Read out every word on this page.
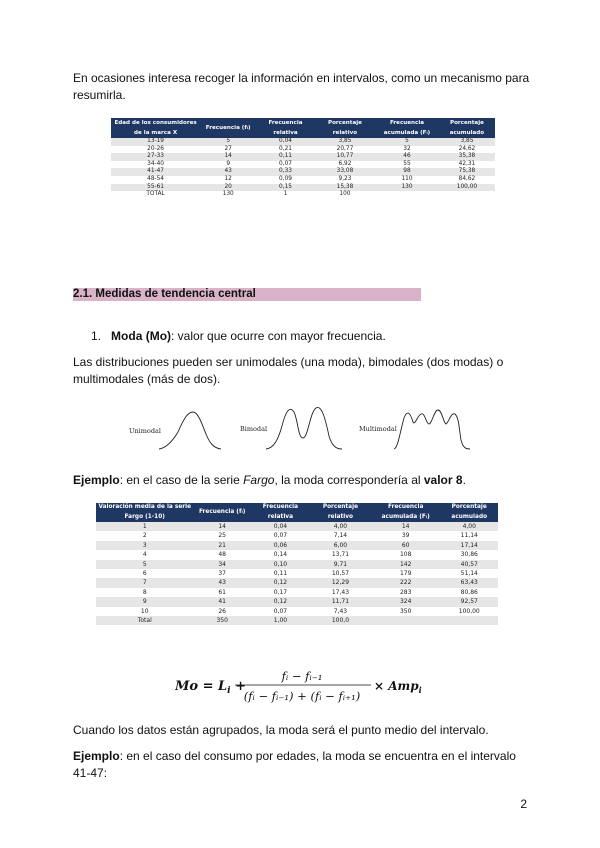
En ocasiones interesa recoger la información en intervalos, como un mecanismo para resumirla.
Edad de los consumidores de la marca X	Frecuencia (fᵢ)	Frecuencia relativa	Porcentaje relativo	Frecuencia acumulada (Fᵢ)	Porcentaje acumulado
13-19	5	0,04	3,85	5	3,85
20-26	27	0,21	20,77	32	24,62
27-33	14	0,11	10,77	46	35,38
34-40	9	0,07	6,92	55	42,31
41-47	43	0,33	33,08	98	75,38
48-54	12	0,09	9,23	110	84,62
55-61	20	0,15	15,38	130	100,00
TOTAL	130	1	100		
2.1. Medidas de tendencia central
1. Moda (Mo): valor que ocurre con mayor frecuencia.
Las distribuciones pueden ser unimodales (una moda), bimodales (dos modas) o multimodales (más de dos).
Unimodal	Bimodal	Multimodal
Ejemplo: en el caso de la serie Fargo, la moda correspondería al valor 8.
Valoración media de la serie Fargo (1-10)	Frecuencia (fᵢ)	Frecuencia relativa	Porcentaje relativo	Frecuencia acumulada (Fᵢ)	Porcentaje acumulado
1	14	0,04	4,00	14	4,00
2	25	0,07	7,14	39	11,14
3	21	0,06	6,00	60	17,14
4	48	0,14	13,71	108	30,86
5	34	0,10	9,71	142	40,57
6	37	0,11	10,57	179	51,14
7	43	0,12	12,29	222	63,43
8	61	0,17	17,43	283	80,86
9	41	0,12	11,71	324	92,57
10	26	0,07	7,43	350	100,00
Total	350	1,00	100,0		
$Mo = L_i$ +
fᵢ − fᵢ₋₁
(fᵢ − fᵢ₋₁) + (fᵢ − fᵢ₊₁)
× Amp$_i$
Cuando los datos están agrupados, la moda será el punto medio del intervalo.
Ejemplo: en el caso del consumo por edades, la moda se encuentra en el intervalo 41-47:
2
